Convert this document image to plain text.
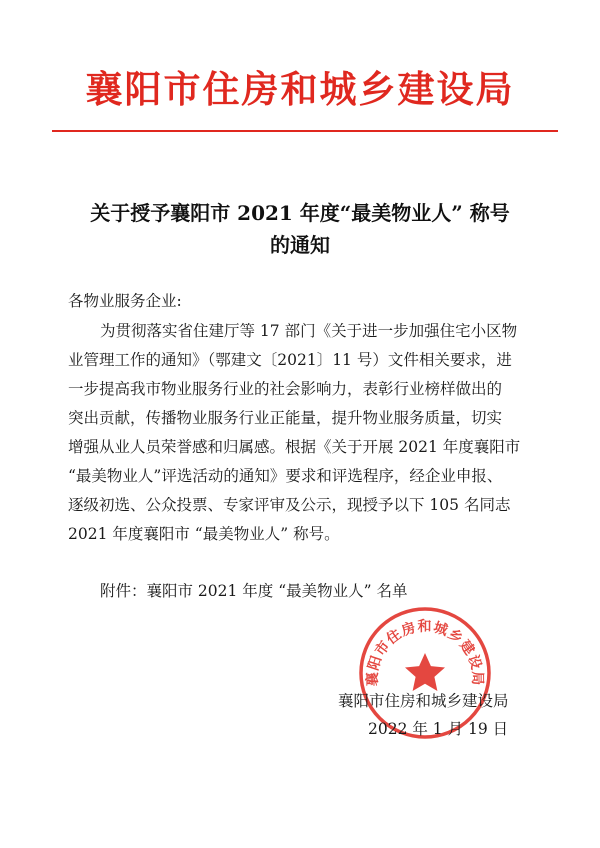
襄阳市住房和城乡建设局
关于授予襄阳市 2021 年度“最美物业人” 称号
的通知
各物业服务企业:
为贯彻落实省住建厅等 17 部门《关于进一步加强住宅小区物
业管理工作的通知》（鄂建文〔2021〕11 号）文件相关要求，进
一步提高我市物业服务行业的社会影响力，表彰行业榜样做出的
突出贡献，传播物业服务行业正能量，提升物业服务质量，切实
增强从业人员荣誉感和归属感。根据《关于开展 2021 年度襄阳市
“最美物业人”评选活动的通知》要求和评选程序，经企业申报、
逐级初选、公众投票、专家评审及公示，现授予以下 105 名同志
2021 年度襄阳市 “最美物业人” 称号。
附件：襄阳市 2021 年度 “最美物业人” 名单
襄阳市住房和城乡建设局
襄阳市住房和城乡建设局
2022 年 1 月 19 日
